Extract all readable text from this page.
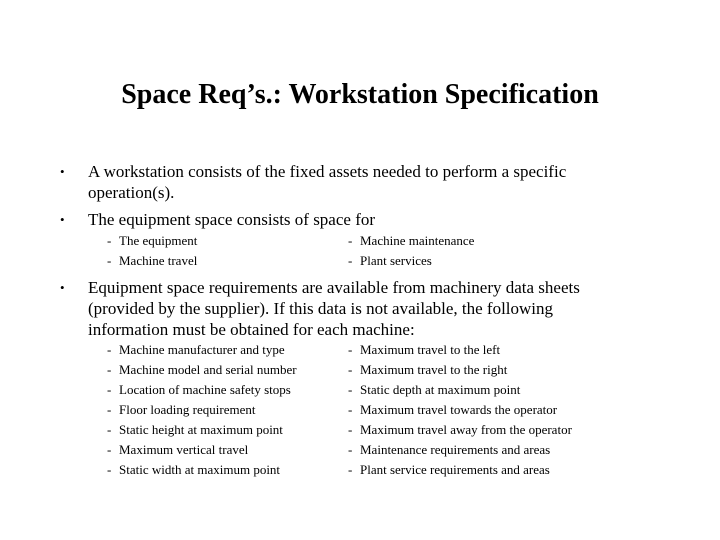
Space Req’s.: Workstation Specification
•	A workstation consists of the fixed assets needed to perform a specific operation(s).
•	The equipment space consists of space for
- The equipment
- Machine travel
- Machine maintenance
- Plant services
•	Equipment space requirements are available from machinery data sheets (provided by the supplier). If this data is not available, the following information must be obtained for each machine:
- Machine manufacturer and type
- Machine model and serial number
- Location of machine safety stops
- Floor loading requirement
- Static height at maximum point
- Maximum vertical travel
- Static width at maximum point
- Maximum travel to the left
- Maximum travel to the right
- Static depth at maximum point
- Maximum travel towards the operator
- Maximum travel away from the operator
- Maintenance requirements and areas
- Plant service requirements and areas
